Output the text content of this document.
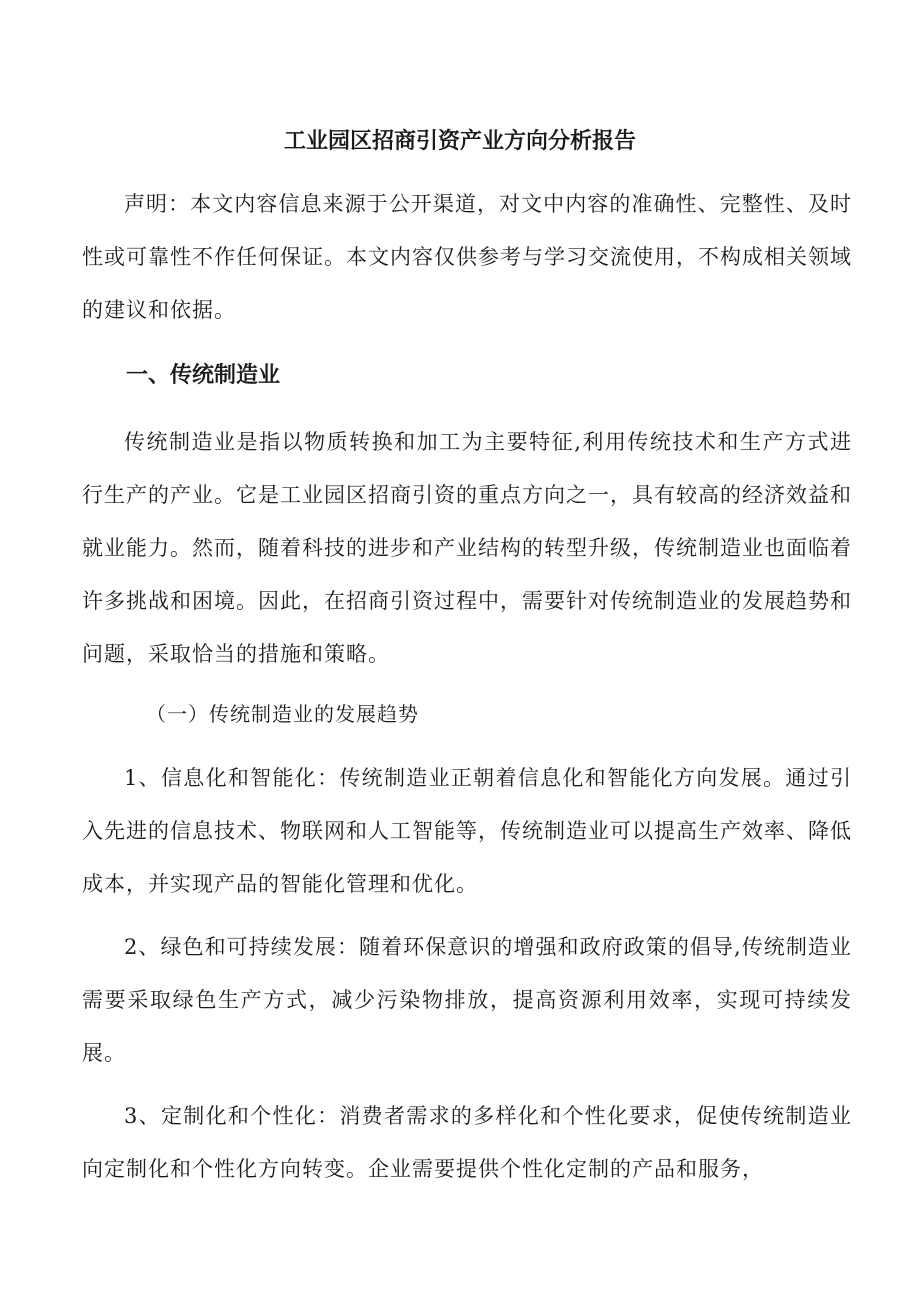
工业园区招商引资产业方向分析报告

声明：本文内容信息来源于公开渠道，对文中内容的准确性、完整性、及时性或可靠性不作任何保证。本文内容仅供参考与学习交流使用，不构成相关领域的建议和依据。

一、传统制造业

传统制造业是指以物质转换和加工为主要特征,利用传统技术和生产方式进行生产的产业。它是工业园区招商引资的重点方向之一，具有较高的经济效益和就业能力。然而，随着科技的进步和产业结构的转型升级，传统制造业也面临着许多挑战和困境。因此，在招商引资过程中，需要针对传统制造业的发展趋势和问题，采取恰当的措施和策略。

（一）传统制造业的发展趋势

1、信息化和智能化：传统制造业正朝着信息化和智能化方向发展。通过引入先进的信息技术、物联网和人工智能等，传统制造业可以提高生产效率、降低成本，并实现产品的智能化管理和优化。

2、绿色和可持续发展：随着环保意识的增强和政府政策的倡导,传统制造业需要采取绿色生产方式，减少污染物排放，提高资源利用效率，实现可持续发展。

3、定制化和个性化：消费者需求的多样化和个性化要求，促使传统制造业向定制化和个性化方向转变。企业需要提供个性化定制的产品和服务，
